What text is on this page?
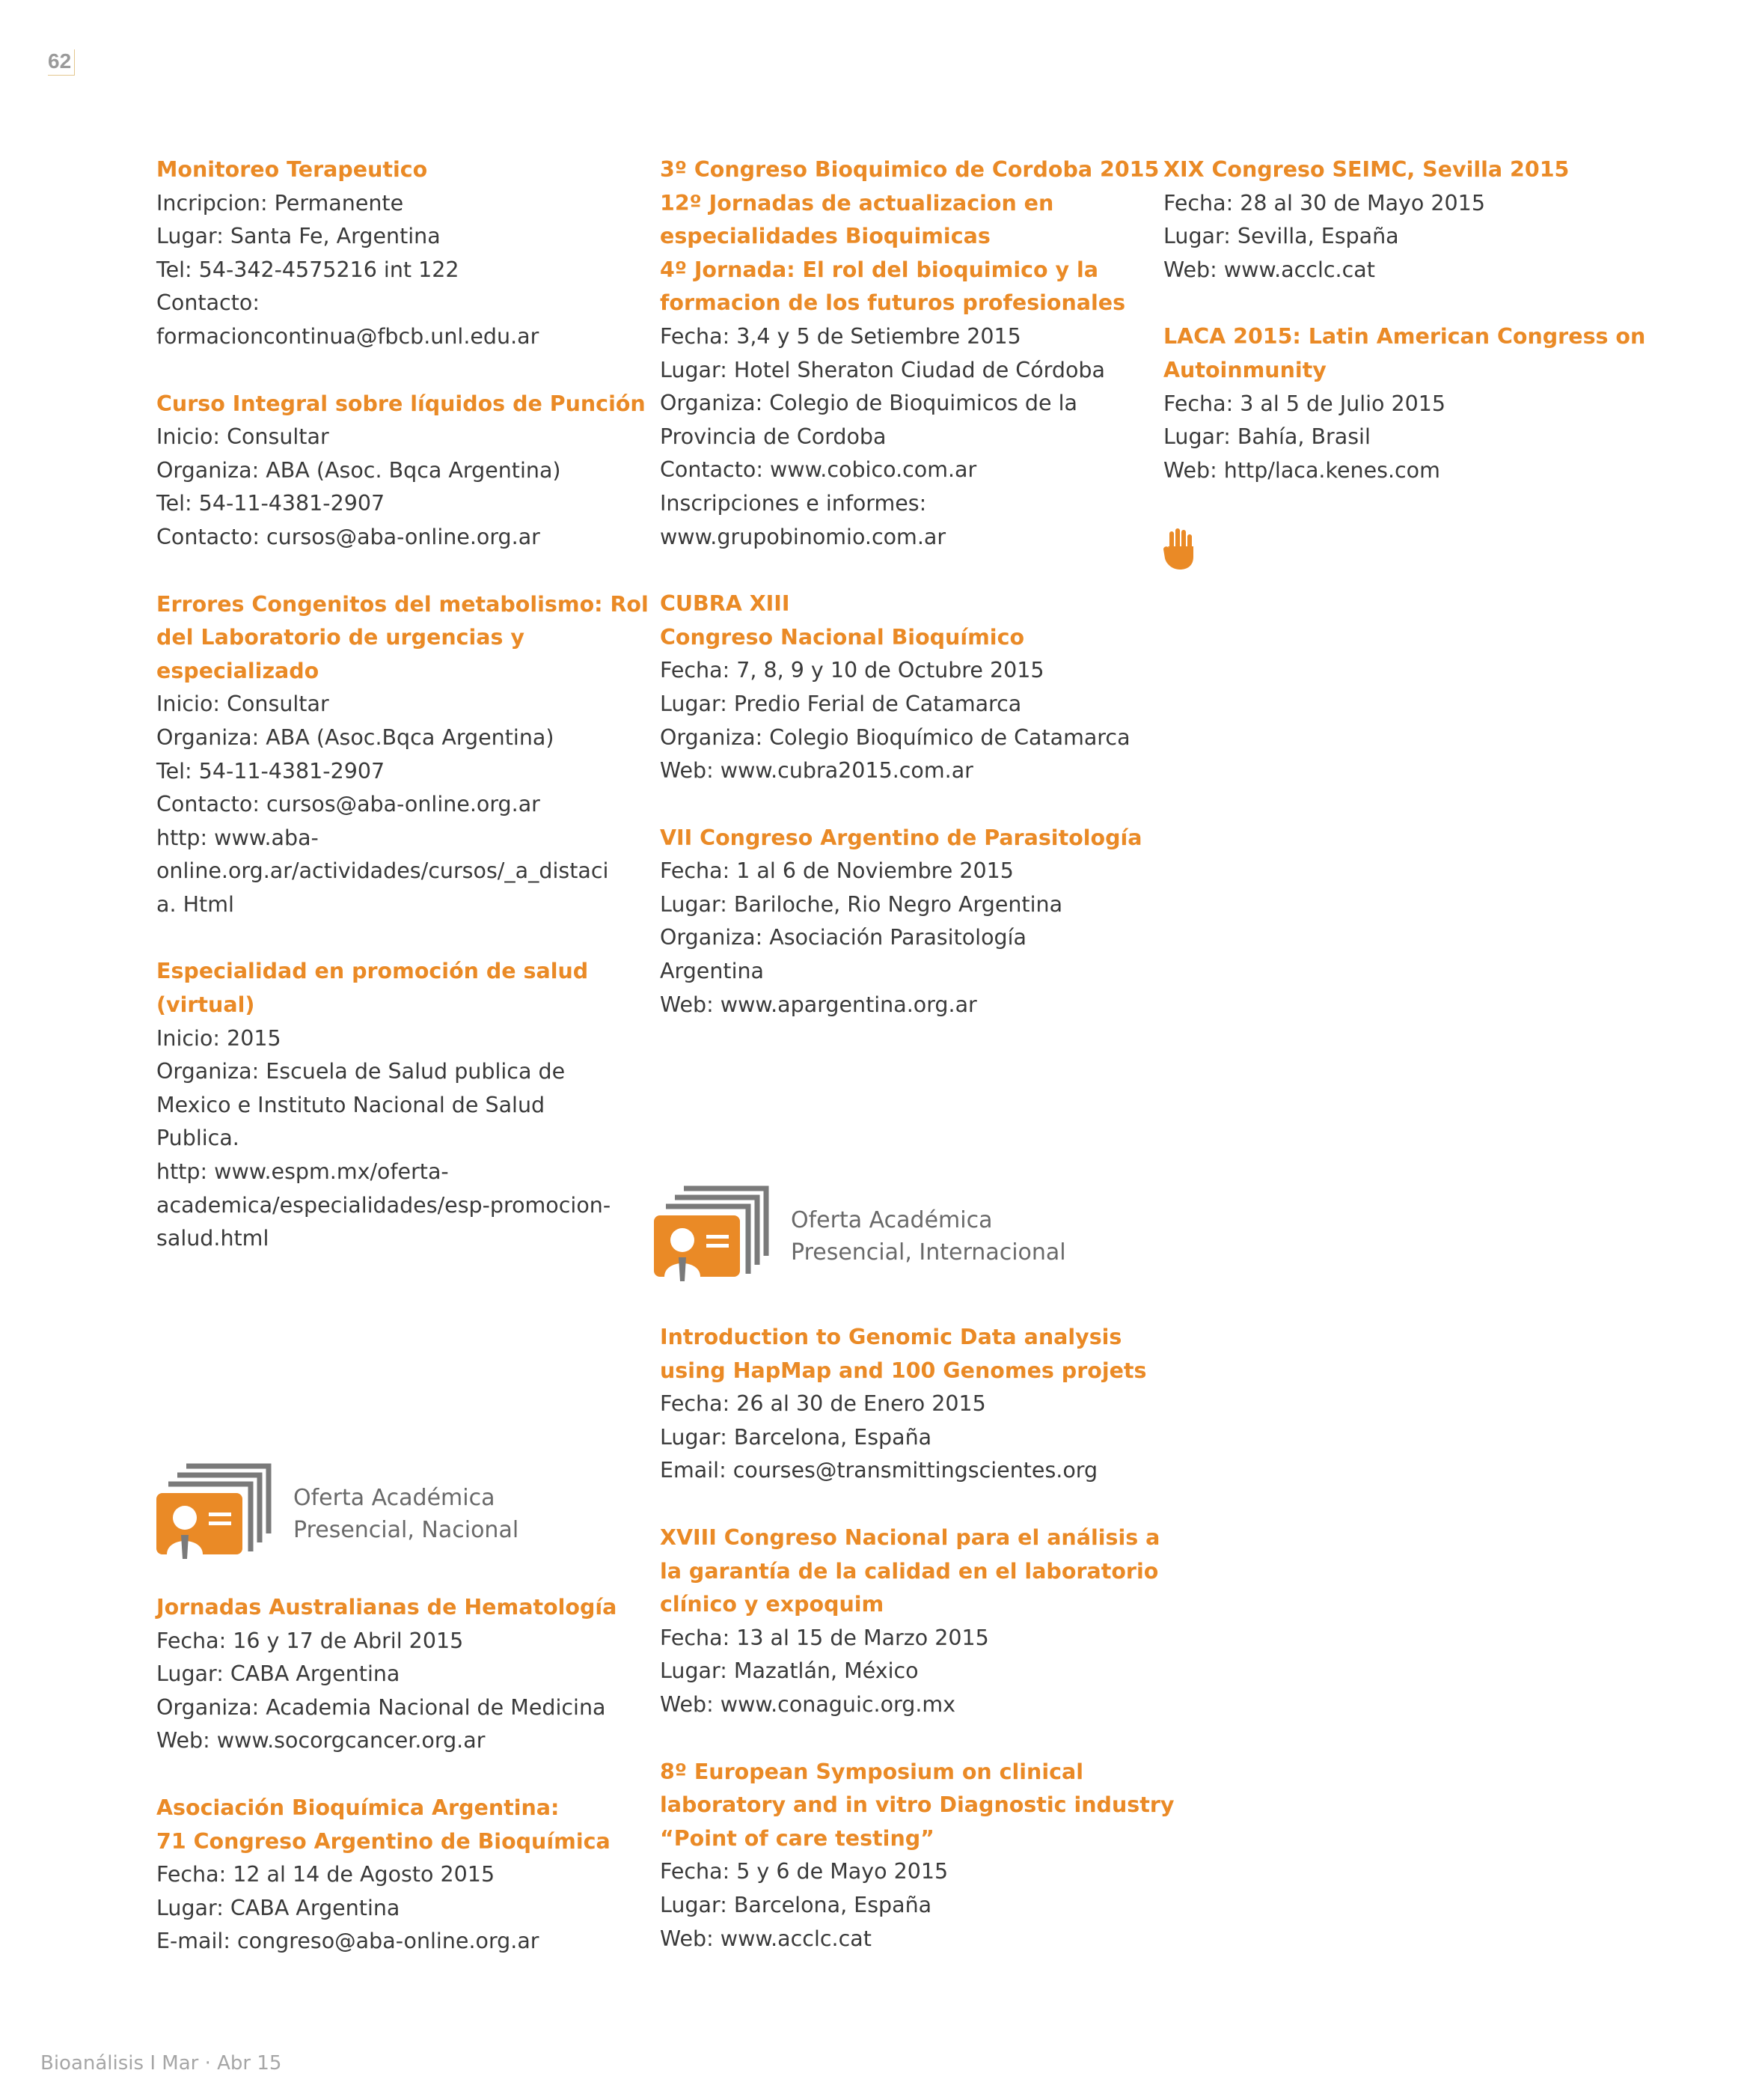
62
Monitoreo Terapeutico
Incripcion: Permanente
Lugar: Santa Fe, Argentina
Tel: 54-342-4575216 int 122
Contacto:
formacioncontinua@fbcb.unl.edu.ar
Curso Integral sobre líquidos de Punción
Inicio: Consultar
Organiza: ABA (Asoc. Bqca Argentina)
Tel: 54-11-4381-2907
Contacto: cursos@aba-online.org.ar
Errores Congenitos del metabolismo: Rol
del Laboratorio de urgencias y
especializado
Inicio: Consultar
Organiza: ABA (Asoc.Bqca Argentina)
Tel: 54-11-4381-2907
Contacto: cursos@aba-online.org.ar
http: www.aba-
online.org.ar/actividades/cursos/_a_distaci
a. Html
Especialidad en promoción de salud
(virtual)
Inicio: 2015
Organiza: Escuela de Salud publica de
Mexico e Instituto Nacional de Salud
Publica.
http: www.espm.mx/oferta-
academica/especialidades/esp-promocion-
salud.html
Oferta Académica
Presencial, Nacional
Jornadas Australianas de Hematología
Fecha: 16 y 17 de Abril 2015
Lugar: CABA Argentina
Organiza: Academia Nacional de Medicina
Web: www.socorgcancer.org.ar
Asociación Bioquímica Argentina:
71 Congreso Argentino de Bioquímica
Fecha: 12 al 14 de Agosto 2015
Lugar: CABA Argentina
E-mail: congreso@aba-online.org.ar
3º Congreso Bioquimico de Cordoba 2015
12º Jornadas de actualizacion en
especialidades Bioquimicas
4º Jornada: El rol del bioquimico y la
formacion de los futuros profesionales
Fecha: 3,4 y 5 de Setiembre 2015
Lugar: Hotel Sheraton Ciudad de Córdoba
Organiza: Colegio de Bioquimicos de la
Provincia de Cordoba
Contacto: www.cobico.com.ar
Inscripciones e informes:
www.grupobinomio.com.ar
CUBRA XIII
Congreso Nacional Bioquímico
Fecha: 7, 8, 9 y 10 de Octubre 2015
Lugar: Predio Ferial de Catamarca
Organiza: Colegio Bioquímico de Catamarca
Web: www.cubra2015.com.ar
VII Congreso Argentino de Parasitología
Fecha: 1 al 6 de Noviembre 2015
Lugar: Bariloche, Rio Negro Argentina
Organiza: Asociación Parasitología
Argentina
Web: www.apargentina.org.ar
Oferta Académica
Presencial, Internacional
Introduction to Genomic Data analysis
using HapMap and 100 Genomes projets
Fecha: 26 al 30 de Enero 2015
Lugar: Barcelona, España
Email: courses@transmittingscientes.org
XVIII Congreso Nacional para el análisis a
la garantía de la calidad en el laboratorio
clínico y expoquim
Fecha: 13 al 15 de Marzo 2015
Lugar: Mazatlán, México
Web: www.conaguic.org.mx
8º European Symposium on clinical
laboratory and in vitro Diagnostic industry
“Point of care testing”
Fecha: 5 y 6 de Mayo 2015
Lugar: Barcelona, España
Web: www.acclc.cat
XIX Congreso SEIMC, Sevilla 2015
Fecha: 28 al 30 de Mayo 2015
Lugar: Sevilla, España
Web: www.acclc.cat
LACA 2015: Latin American Congress on
Autoinmunity
Fecha: 3 al 5 de Julio 2015
Lugar: Bahía, Brasil
Web: http/laca.kenes.com
Bioanálisis I Mar · Abr 15
